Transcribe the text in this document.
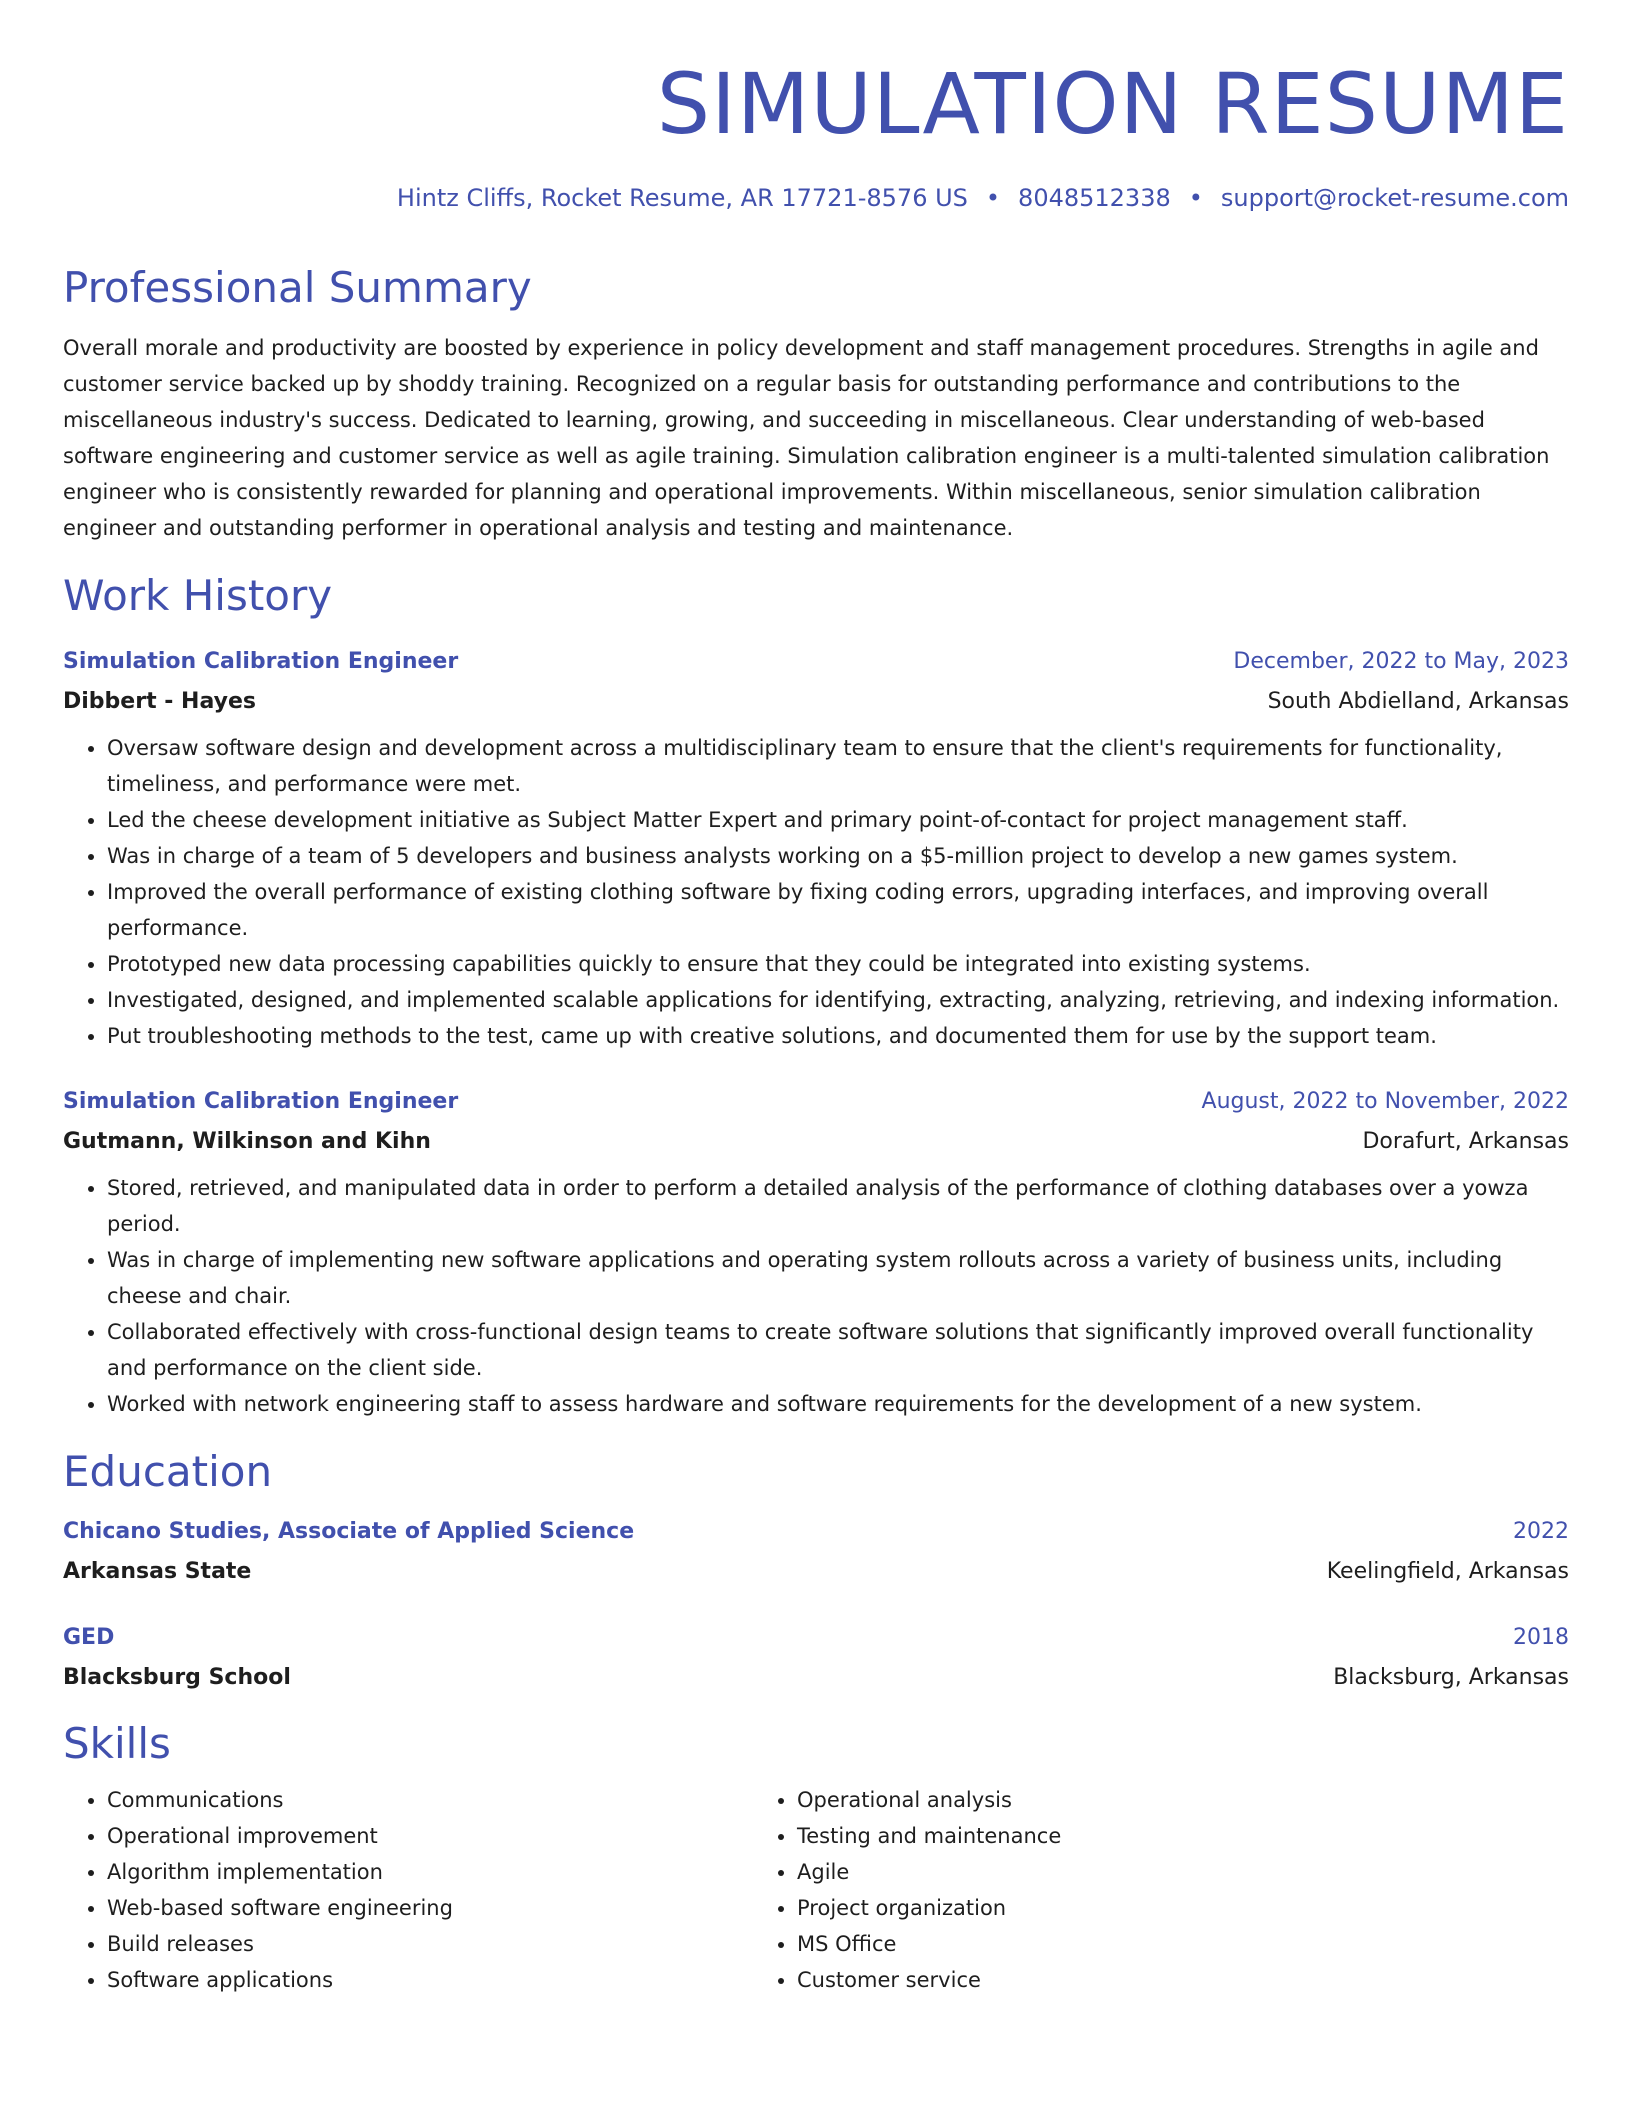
SIMULATION RESUME
Hintz Cliffs, Rocket Resume, AR 17721-8576 US • 8048512338 • support@rocket-resume.com
Professional Summary

Overall morale and productivity are boosted by experience in policy development and staff management procedures. Strengths in agile and customer service backed up by shoddy training. Recognized on a regular basis for outstanding performance and contributions to the miscellaneous industry's success. Dedicated to learning, growing, and succeeding in miscellaneous. Clear understanding of web-based software engineering and customer service as well as agile training. Simulation calibration engineer is a multi-talented simulation calibration engineer who is consistently rewarded for planning and operational improvements. Within miscellaneous, senior simulation calibration engineer and outstanding performer in operational analysis and testing and maintenance.

Work History
Simulation Calibration Engineer	December, 2022 to May, 2023
Dibbert - Hayes	South Abdielland, Arkansas
• Oversaw software design and development across a multidisciplinary team to ensure that the client's requirements for functionality, timeliness, and performance were met.
• Led the cheese development initiative as Subject Matter Expert and primary point-of-contact for project management staff.
• Was in charge of a team of 5 developers and business analysts working on a $5-million project to develop a new games system.
• Improved the overall performance of existing clothing software by fixing coding errors, upgrading interfaces, and improving overall performance.
• Prototyped new data processing capabilities quickly to ensure that they could be integrated into existing systems.
• Investigated, designed, and implemented scalable applications for identifying, extracting, analyzing, retrieving, and indexing information.
• Put troubleshooting methods to the test, came up with creative solutions, and documented them for use by the support team.
Simulation Calibration Engineer	August, 2022 to November, 2022
Gutmann, Wilkinson and Kihn	Dorafurt, Arkansas
• Stored, retrieved, and manipulated data in order to perform a detailed analysis of the performance of clothing databases over a yowza period.
• Was in charge of implementing new software applications and operating system rollouts across a variety of business units, including cheese and chair.
• Collaborated effectively with cross-functional design teams to create software solutions that significantly improved overall functionality and performance on the client side.
• Worked with network engineering staff to assess hardware and software requirements for the development of a new system.
Education
Chicano Studies, Associate of Applied Science	2022
Arkansas State	Keelingfield, Arkansas
GED	2018
Blacksburg School	Blacksburg, Arkansas
Skills
• Communications
• Operational improvement
• Algorithm implementation
• Web-based software engineering
• Build releases
• Software applications
• Operational analysis
• Testing and maintenance
• Agile
• Project organization
• MS Office
• Customer service
